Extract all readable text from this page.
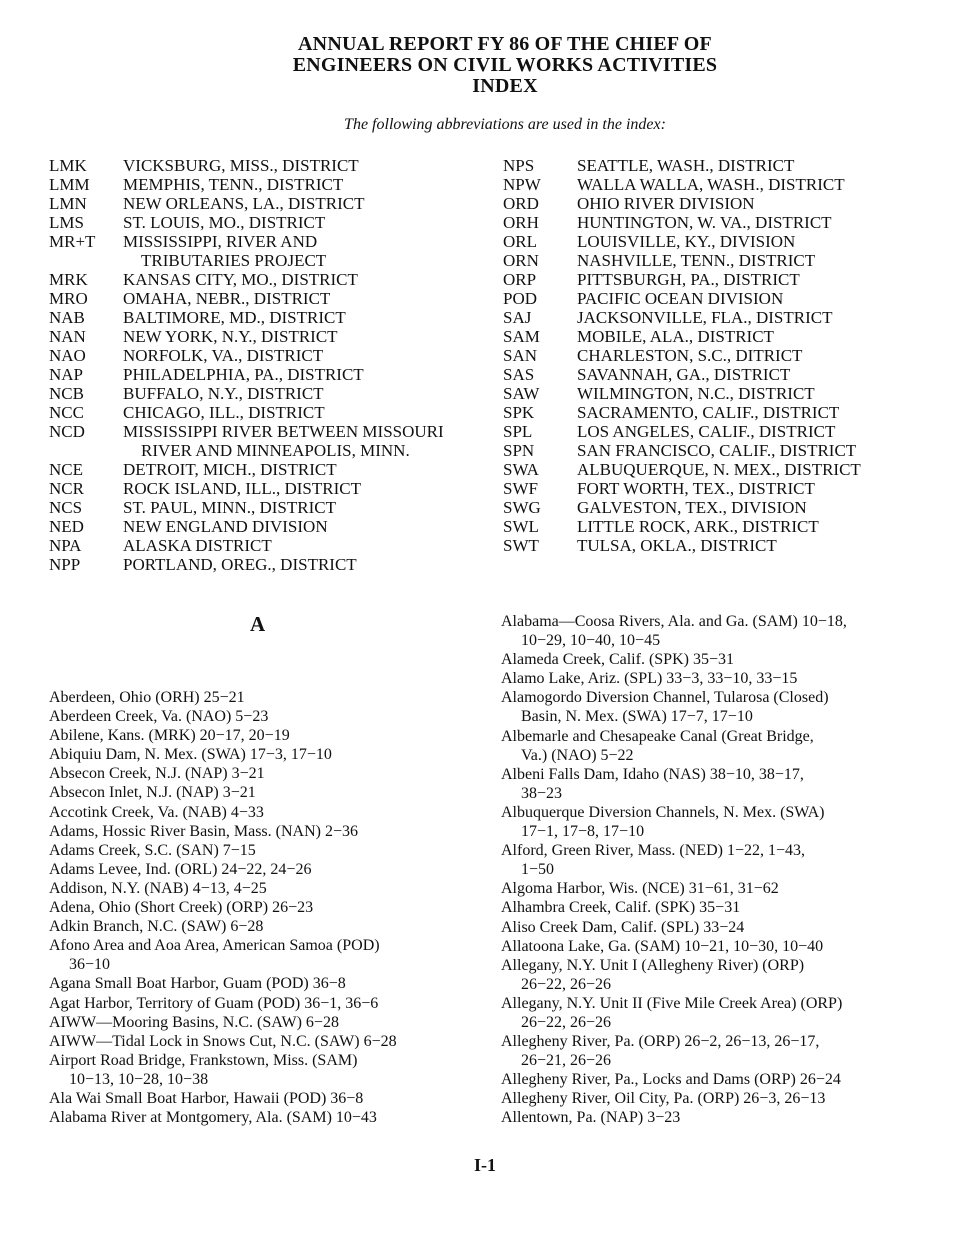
ANNUAL REPORT FY 86 OF THE CHIEF OF
ENGINEERS ON CIVIL WORKS ACTIVITIES
INDEX
The following abbreviations are used in the index:
LMK	VICKSBURG, MISS., DISTRICT
LMM	MEMPHIS, TENN., DISTRICT
LMN	NEW ORLEANS, LA., DISTRICT
LMS	ST. LOUIS, MO., DISTRICT
MR+T	MISSISSIPPI, RIVER AND
TRIBUTARIES PROJECT
MRK	KANSAS CITY, MO., DISTRICT
MRO	OMAHA, NEBR., DISTRICT
NAB	BALTIMORE, MD., DISTRICT
NAN	NEW YORK, N.Y., DISTRICT
NAO	NORFOLK, VA., DISTRICT
NAP	PHILADELPHIA, PA., DISTRICT
NCB	BUFFALO, N.Y., DISTRICT
NCC	CHICAGO, ILL., DISTRICT
NCD	MISSISSIPPI RIVER BETWEEN MISSOURI
RIVER AND MINNEAPOLIS, MINN.
NCE	DETROIT, MICH., DISTRICT
NCR	ROCK ISLAND, ILL., DISTRICT
NCS	ST. PAUL, MINN., DISTRICT
NED	NEW ENGLAND DIVISION
NPA	ALASKA DISTRICT
NPP	PORTLAND, OREG., DISTRICT
NPS	SEATTLE, WASH., DISTRICT
NPW	WALLA WALLA, WASH., DISTRICT
ORD	OHIO RIVER DIVISION
ORH	HUNTINGTON, W. VA., DISTRICT
ORL	LOUISVILLE, KY., DIVISION
ORN	NASHVILLE, TENN., DISTRICT
ORP	PITTSBURGH, PA., DISTRICT
POD	PACIFIC OCEAN DIVISION
SAJ	JACKSONVILLE, FLA., DISTRICT
SAM	MOBILE, ALA., DISTRICT
SAN	CHARLESTON, S.C., DITRICT
SAS	SAVANNAH, GA., DISTRICT
SAW	WILMINGTON, N.C., DISTRICT
SPK	SACRAMENTO, CALIF., DISTRICT
SPL	LOS ANGELES, CALIF., DISTRICT
SPN	SAN FRANCISCO, CALIF., DISTRICT
SWA	ALBUQUERQUE, N. MEX., DISTRICT
SWF	FORT WORTH, TEX., DISTRICT
SWG	GALVESTON, TEX., DIVISION
SWL	LITTLE ROCK, ARK., DISTRICT
SWT	TULSA, OKLA., DISTRICT
A
Aberdeen, Ohio (ORH) 25−21
Aberdeen Creek, Va. (NAO) 5−23
Abilene, Kans. (MRK) 20−17, 20−19
Abiquiu Dam, N. Mex. (SWA) 17−3, 17−10
Absecon Creek, N.J. (NAP) 3−21
Absecon Inlet, N.J. (NAP) 3−21
Accotink Creek, Va. (NAB) 4−33
Adams, Hossic River Basin, Mass. (NAN) 2−36
Adams Creek, S.C. (SAN) 7−15
Adams Levee, Ind. (ORL) 24−22, 24−26
Addison, N.Y. (NAB) 4−13, 4−25
Adena, Ohio (Short Creek) (ORP) 26−23
Adkin Branch, N.C. (SAW) 6−28
Afono Area and Aoa Area, American Samoa (POD)
36−10
Agana Small Boat Harbor, Guam (POD) 36−8
Agat Harbor, Territory of Guam (POD) 36−1, 36−6
AIWW—Mooring Basins, N.C. (SAW) 6−28
AIWW—Tidal Lock in Snows Cut, N.C. (SAW) 6−28
Airport Road Bridge, Frankstown, Miss. (SAM)
10−13, 10−28, 10−38
Ala Wai Small Boat Harbor, Hawaii (POD) 36−8
Alabama River at Montgomery, Ala. (SAM) 10−43
Alabama—Coosa Rivers, Ala. and Ga. (SAM) 10−18,
10−29, 10−40, 10−45
Alameda Creek, Calif. (SPK) 35−31
Alamo Lake, Ariz. (SPL) 33−3, 33−10, 33−15
Alamogordo Diversion Channel, Tularosa (Closed)
Basin, N. Mex. (SWA) 17−7, 17−10
Albemarle and Chesapeake Canal (Great Bridge,
Va.) (NAO) 5−22
Albeni Falls Dam, Idaho (NAS) 38−10, 38−17,
38−23
Albuquerque Diversion Channels, N. Mex. (SWA)
17−1, 17−8, 17−10
Alford, Green River, Mass. (NED) 1−22, 1−43,
1−50
Algoma Harbor, Wis. (NCE) 31−61, 31−62
Alhambra Creek, Calif. (SPK) 35−31
Aliso Creek Dam, Calif. (SPL) 33−24
Allatoona Lake, Ga. (SAM) 10−21, 10−30, 10−40
Allegany, N.Y. Unit I (Allegheny River) (ORP)
26−22, 26−26
Allegany, N.Y. Unit II (Five Mile Creek Area) (ORP)
26−22, 26−26
Allegheny River, Pa. (ORP) 26−2, 26−13, 26−17,
26−21, 26−26
Allegheny River, Pa., Locks and Dams (ORP) 26−24
Allegheny River, Oil City, Pa. (ORP) 26−3, 26−13
Allentown, Pa. (NAP) 3−23
I-1
